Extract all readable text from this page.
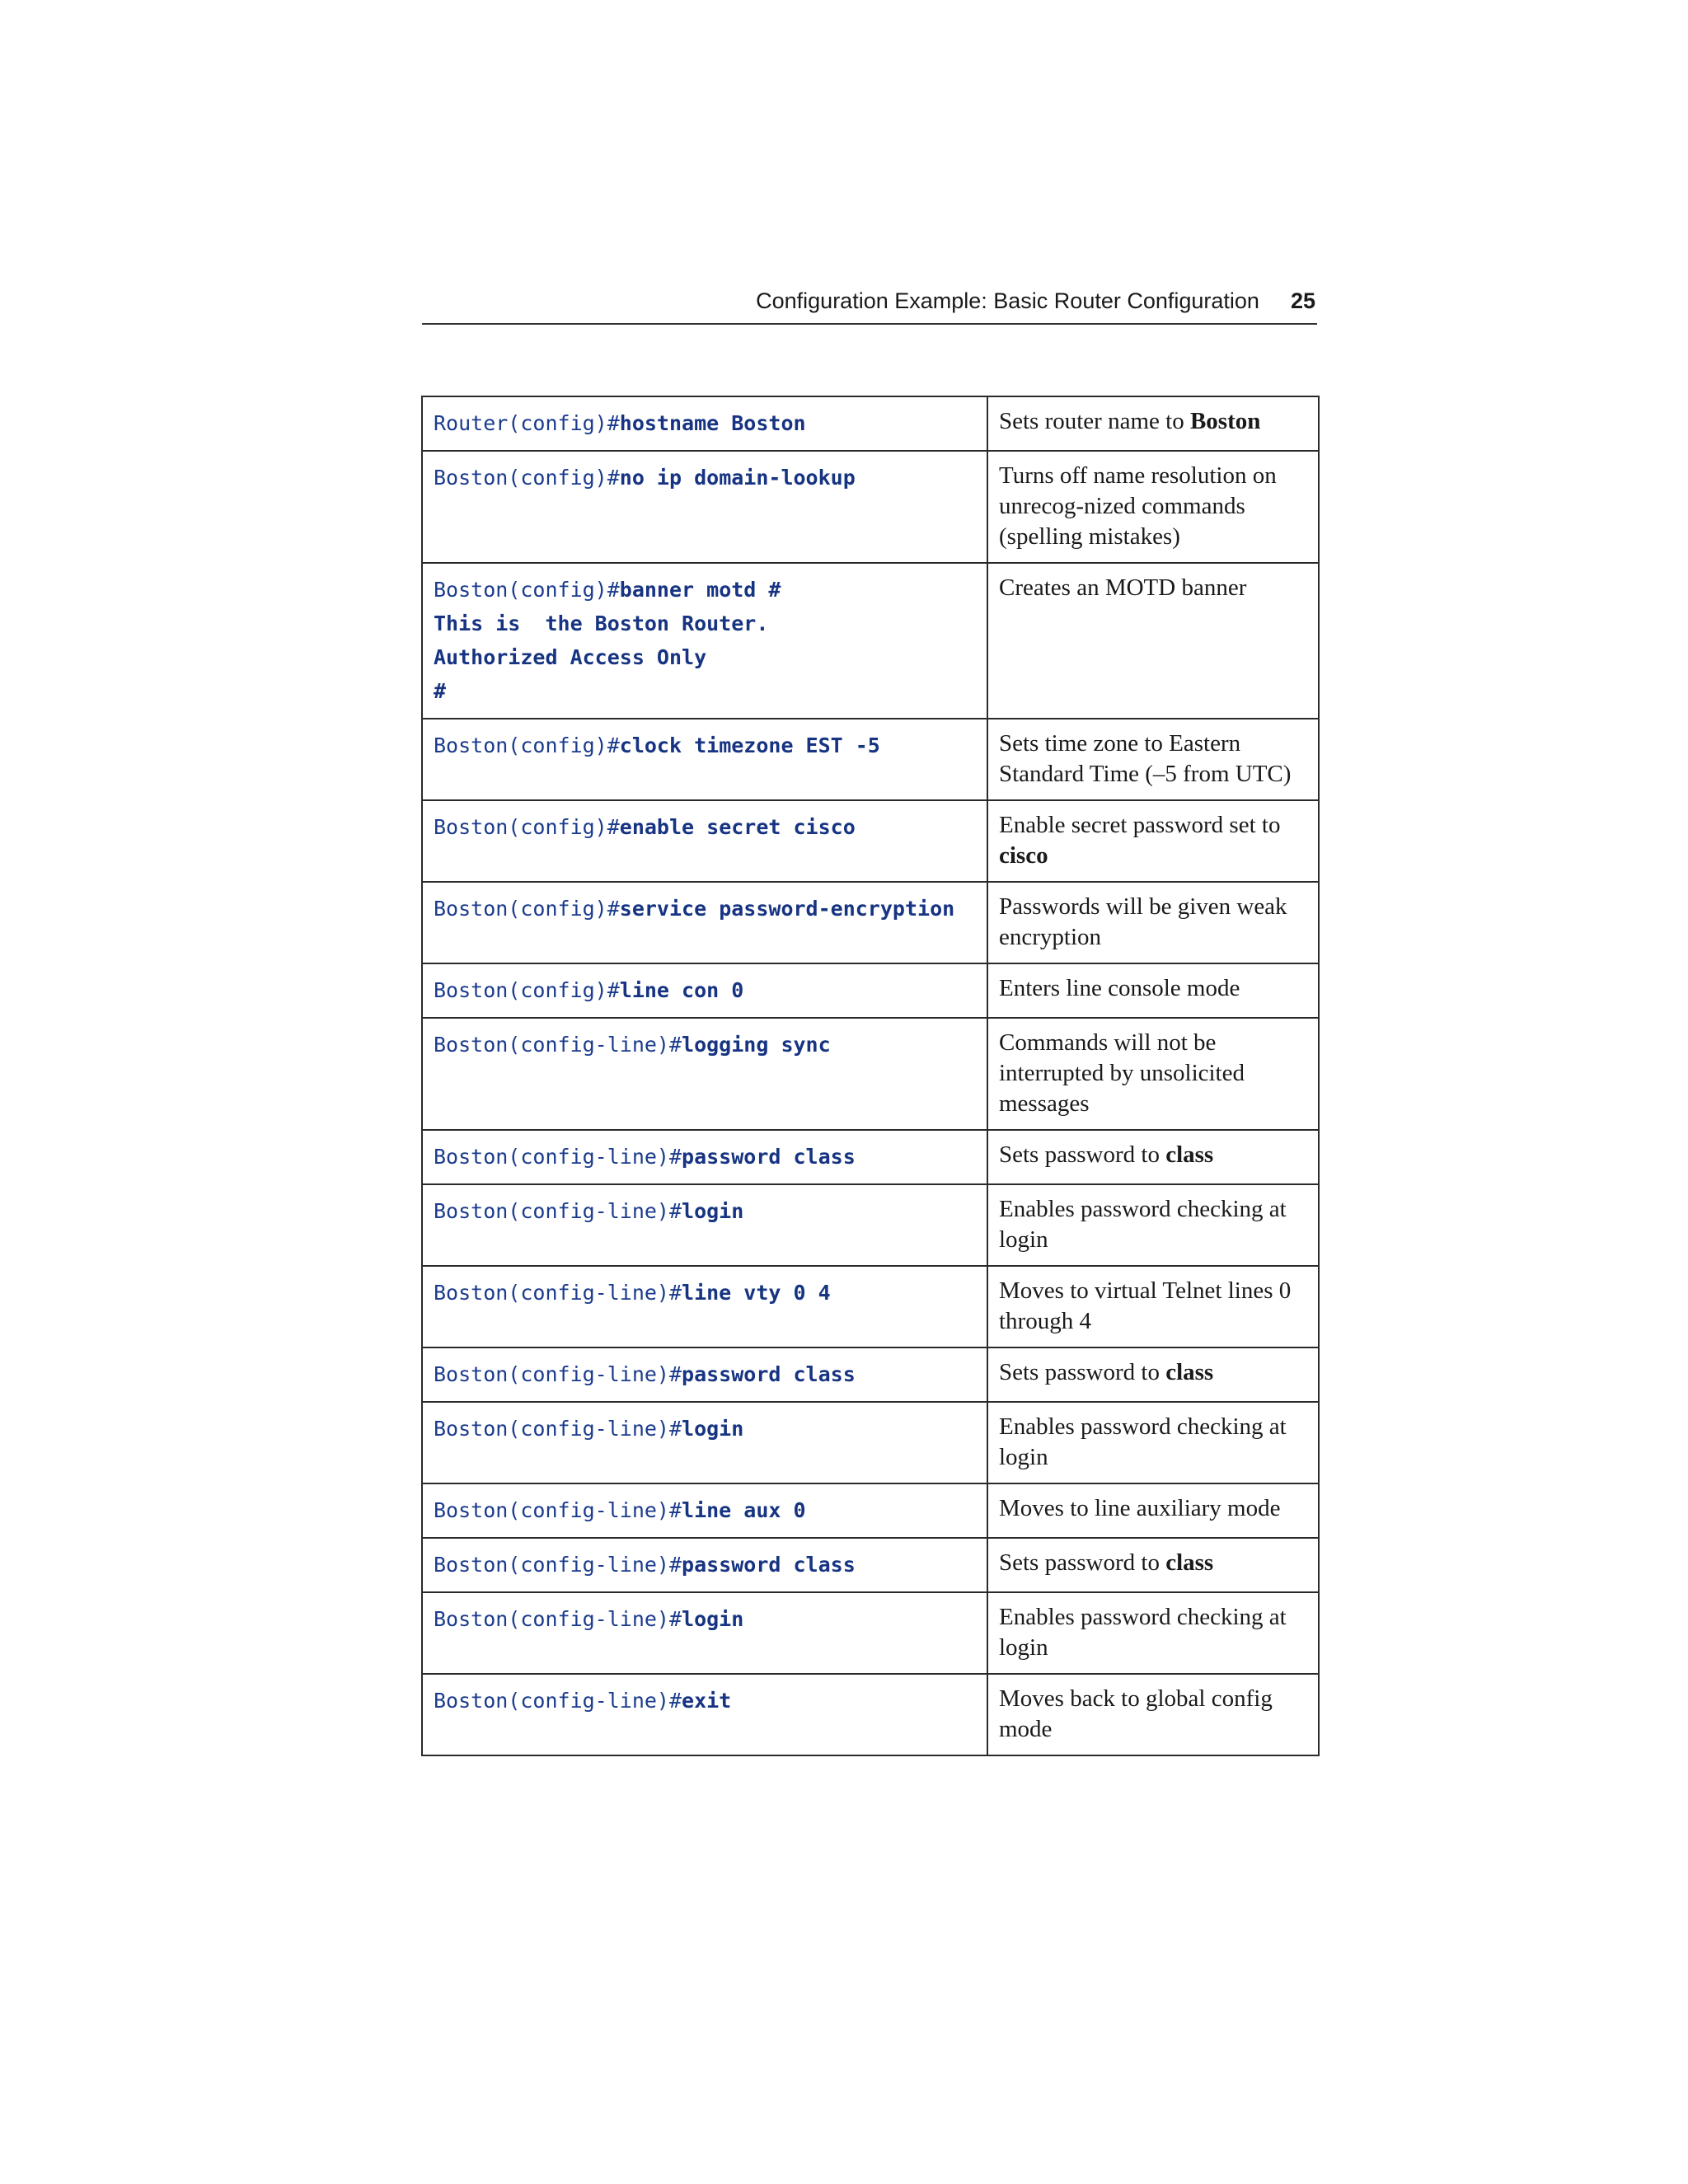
Configuration Example: Basic Router Configuration 25
Router(config)#hostname Boston	Sets router name to Boston

Boston(config)#no ip domain-lookup	Turns off name resolution on unrecog-nized commands (spelling mistakes)

Boston(config)#banner motd #
This is  the Boston Router.
Authorized Access Only
#	Creates an MOTD banner

Boston(config)#clock timezone EST -5	Sets time zone to Eastern Standard Time (–5 from UTC)

Boston(config)#enable secret cisco	Enable secret password set to cisco

Boston(config)#service password-encryption	Passwords will be given weak encryption

Boston(config)#line con 0	Enters line console mode

Boston(config-line)#logging sync	Commands will not be interrupted by unsolicited messages

Boston(config-line)#password class	Sets password to class

Boston(config-line)#login	Enables password checking at login

Boston(config-line)#line vty 0 4	Moves to virtual Telnet lines 0 through 4

Boston(config-line)#password class	Sets password to class

Boston(config-line)#login	Enables password checking at login

Boston(config-line)#line aux 0	Moves to line auxiliary mode

Boston(config-line)#password class	Sets password to class

Boston(config-line)#login	Enables password checking at login

Boston(config-line)#exit	Moves back to global config mode
